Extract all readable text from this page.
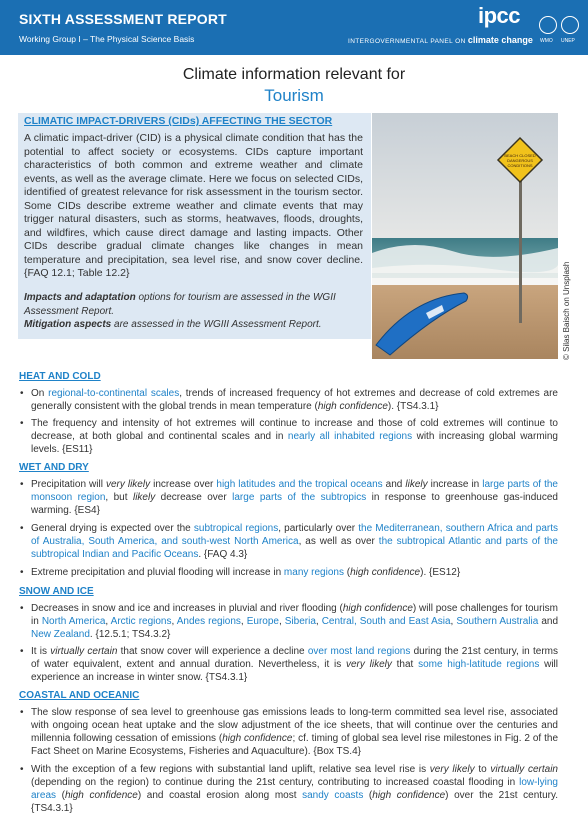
SIXTH ASSESSMENT REPORT
Working Group I – The Physical Science Basis
ipcc
INTERGOVERNMENTAL PANEL ON climate change WMO UNEP
Climate information relevant for
Tourism
CLIMATIC IMPACT-DRIVERS (CIDs) AFFECTING THE SECTOR
A climatic impact-driver (CID) is a physical climate condition that has the potential to affect society or ecosystems. CIDs capture important characteristics of both common and extreme weather and climate events, as well as the average climate. Here we focus on selected CIDs, identified of greatest relevance for risk assessment in the tourism sector. Some CIDs describe extreme weather and climate events that may trigger natural disasters, such as storms, heatwaves, floods, droughts, and wildfires, which cause direct damage and lasting impacts. Other CIDs describe gradual climate changes like changes in mean temperature and precipitation, sea level rise, and snow cover decline. {FAQ 12.1; Table 12.2}
Impacts and adaptation options for tourism are assessed in the WGII Assessment Report.
Mitigation aspects are assessed in the WGIII Assessment Report.
BEACH CLOSED
DANGEROUS
CONDITIONS
© Silas Baisch on Unsplash
HEAT AND COLD
• On regional-to-continental scales, trends of increased frequency of hot extremes and decrease of cold extremes are generally consistent with the global trends in mean temperature (high confidence). {TS4.3.1}
• The frequency and intensity of hot extremes will continue to increase and those of cold extremes will continue to decrease, at both global and continental scales and in nearly all inhabited regions with increasing global warming levels. {ES11}
WET AND DRY
• Precipitation will very likely increase over high latitudes and the tropical oceans and likely increase in large parts of the monsoon region, but likely decrease over large parts of the subtropics in response to greenhouse gas-induced warming. {ES4}
• General drying is expected over the subtropical regions, particularly over the Mediterranean, southern Africa and parts of Australia, South America, and south-west North America, as well as over the subtropical Atlantic and parts of the subtropical Indian and Pacific Oceans. {FAQ 4.3}
• Extreme precipitation and pluvial flooding will increase in many regions (high confidence). {ES12}
SNOW AND ICE
• Decreases in snow and ice and increases in pluvial and river flooding (high confidence) will pose challenges for tourism in North America, Arctic regions, Andes regions, Europe, Siberia, Central, South and East Asia, Southern Australia and New Zealand. {12.5.1; TS4.3.2}
• It is virtually certain that snow cover will experience a decline over most land regions during the 21st century, in terms of water equivalent, extent and annual duration. Nevertheless, it is very likely that some high-latitude regions will experience an increase in winter snow. {TS4.3.1}
COASTAL AND OCEANIC
• The slow response of sea level to greenhouse gas emissions leads to long-term committed sea level rise, associated with ongoing ocean heat uptake and the slow adjustment of the ice sheets, that will continue over the centuries and millennia following cessation of emissions (high confidence; cf. timing of global sea level rise milestones in Fig. 2 of the Fact Sheet on Marine Ecosystems, Fisheries and Aquaculture). {Box TS.4}
• With the exception of a few regions with substantial land uplift, relative sea level rise is very likely to virtually certain (depending on the region) to continue during the 21st century, contributing to increased coastal flooding in low-lying areas (high confidence) and coastal erosion along most sandy coasts (high confidence) over the 21st century. {TS4.3.1}
